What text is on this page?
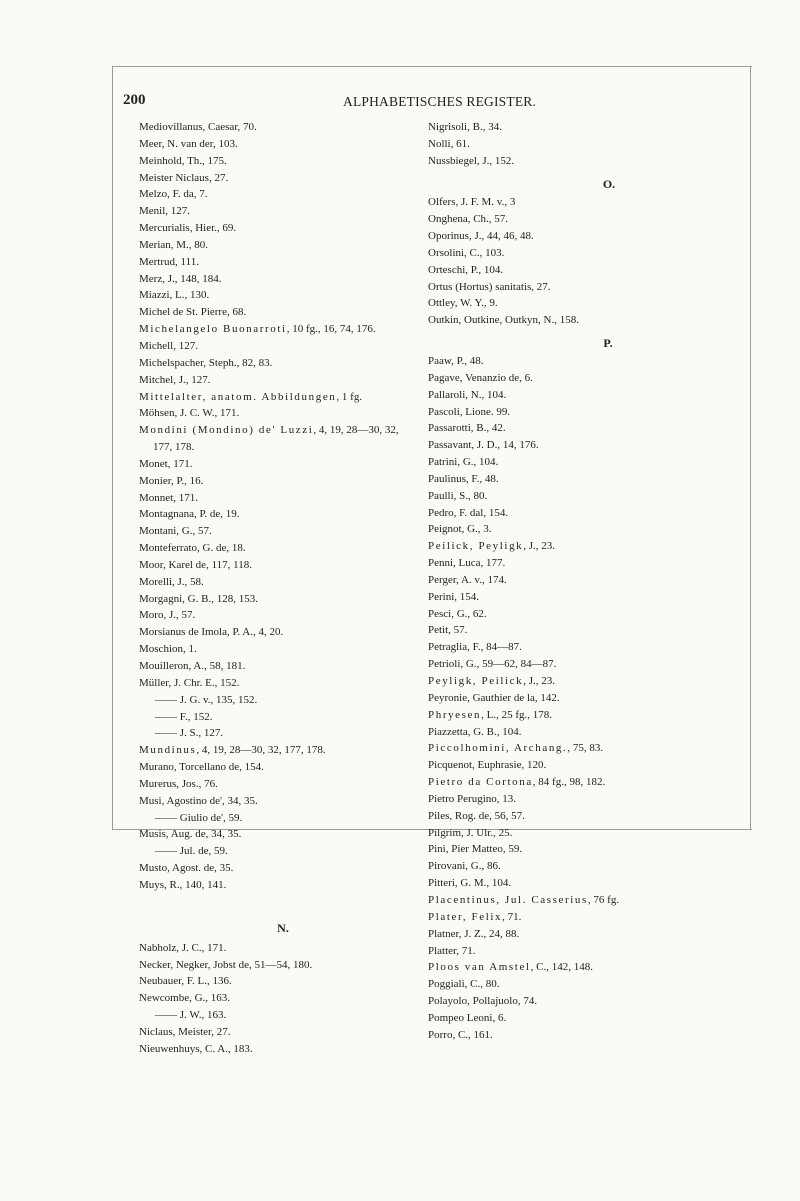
200	ALPHABETISCHES REGISTER.
Mediovillanus, Caesar, 70.
Meer, N. van der, 103.
Meinhold, Th., 175.
Meister Niclaus, 27.
Melzo, F. da, 7.
Menil, 127.
Mercurialis, Hier., 69.
Merian, M., 80.
Mertrud, 111.
Merz, J., 148, 184.
Miazzi, L., 130.
Michel de St. Pierre, 68.
Michelangelo Buonarroti, 10 fg., 16, 74, 176.
Michell, 127.
Michelspacher, Steph., 82, 83.
Mitchel, J., 127.
Mittelalter, anatom. Abbildungen, 1 fg.
Möhsen, J. C. W., 171.
Mondini (Mondino) de' Luzzi, 4, 19, 28—30, 32, 177, 178.
Monet, 171.
Monier, P., 16.
Monnet, 171.
Montagnana, P. de, 19.
Montani, G., 57.
Monteferrato, G. de, 18.
Moor, Karel de, 117, 118.
Morelli, J., 58.
Morgagni, G. B., 128, 153.
Moro, J., 57.
Morsianus de Imola, P. A., 4, 20.
Moschion, 1.
Mouilleron, A., 58, 181.
Müller, J. Chr. E., 152.
—— J. G. v., 135, 152.
—— F., 152.
—— J. S., 127.
Mundinus, 4, 19, 28—30, 32, 177, 178.
Murano, Torcellano de, 154.
Murerus, Jos., 76.
Musi, Agostino de', 34, 35.
—— Giulio de', 59.
Musis, Aug. de, 34, 35.
—— Jul. de, 59.
Musto, Agost. de, 35.
Muys, R., 140, 141.
N.
Nabholz, J. C., 171.
Necker, Negker, Jobst de, 51—54, 180.
Neubauer, F. L., 136.
Newcombe, G., 163.
—— J. W., 163.
Niclaus, Meister, 27.
Nieuwenhuys, C. A., 183.
Nigrisoli, B., 34.
Nolli, 61.
Nussbiegel, J., 152.
O.
Olfers, J. F. M. v., 3
Onghena, Ch., 57.
Oporinus, J., 44, 46, 48.
Orsolini, C., 103.
Orteschi, P., 104.
Ortus (Hortus) sanitatis, 27.
Ottley, W. Y., 9.
Outkin, Outkine, Outkyn, N., 158.
P.
Paaw, P., 48.
Pagave, Venanzio de, 6.
Pallaroli, N., 104.
Pascoli, Lione. 99.
Passarotti, B., 42.
Passavant, J. D., 14, 176.
Patrini, G., 104.
Paulinus, F., 48.
Paulli, S., 80.
Pedro, F. dal, 154.
Peignot, G., 3.
Peilick, Peyligk, J., 23.
Penni, Luca, 177.
Perger, A. v., 174.
Perini, 154.
Pesci, G., 62.
Petit, 57.
Petraglia, F., 84—87.
Petrioli, G., 59—62, 84—87.
Peyligk, Peilick, J., 23.
Peyronie, Gauthier de la, 142.
Phryesen, L., 25 fg., 178.
Piazzetta, G. B., 104.
Piccolhomini, Archang., 75, 83.
Picquenot, Euphrasie, 120.
Pietro da Cortona, 84 fg., 98, 182.
Pietro Perugino, 13.
Piles, Rog. de, 56, 57.
Pilgrim, J. Ulr., 25.
Pini, Pier Matteo, 59.
Pirovani, G., 86.
Pitteri, G. M., 104.
Placentinus, Jul. Casserius, 76 fg.
Plater, Felix, 71.
Platner, J. Z., 24, 88.
Platter, 71.
Ploos van Amstel, C., 142, 148.
Poggiali, C., 80.
Polayolo, Pollajuolo, 74.
Pompeo Leoni, 6.
Porro, C., 161.
